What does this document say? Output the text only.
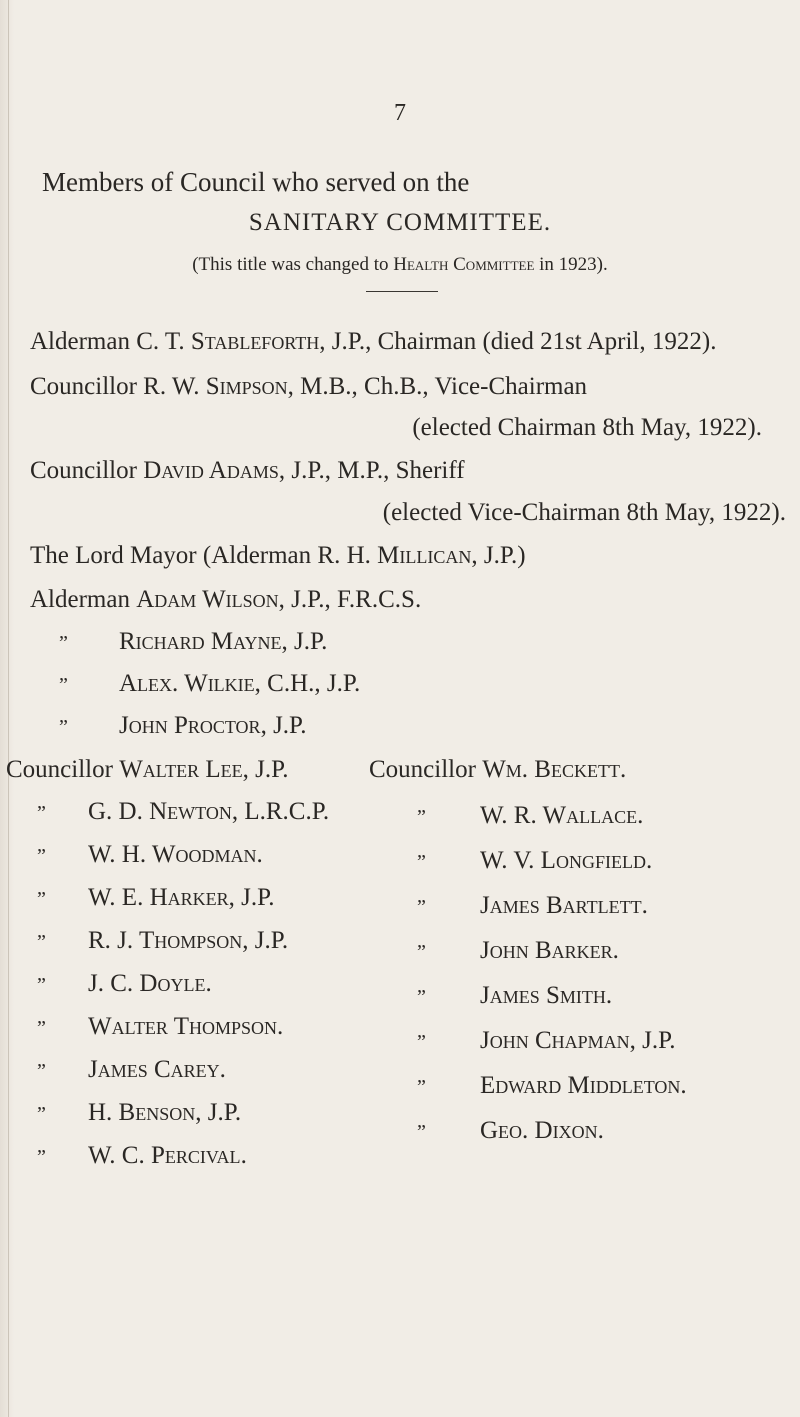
7
Members of Council who served on the
SANITARY COMMITTEE.
(This title was changed to Health Committee in 1923).
Alderman C. T. Stableforth, J.P., Chairman (died 21st April, 1922).
Councillor R. W. Simpson, M.B., Ch.B., Vice-Chairman
(elected Chairman 8th May, 1922).
Councillor David Adams, J.P., M.P., Sheriff
(elected Vice-Chairman 8th May, 1922).
The Lord Mayor (Alderman R. H. Millican, J.P.)
Alderman Adam Wilson, J.P., F.R.C.S.
” Richard Mayne, J.P.
” Alex. Wilkie, C.H., J.P.
” John Proctor, J.P.
Councillor Walter Lee, J.P.
” G. D. Newton, L.R.C.P.
” W. H. Woodman.
” W. E. Harker, J.P.
” R. J. Thompson, J.P.
” J. C. Doyle.
” Walter Thompson.
” James Carey.
” H. Benson, J.P.
” W. C. Percival.
Councillor Wm. Beckett.
” W. R. Wallace.
” W. V. Longfield.
” James Bartlett.
” John Barker.
” James Smith.
” John Chapman, J.P.
” Edward Middleton.
” Geo. Dixon.
